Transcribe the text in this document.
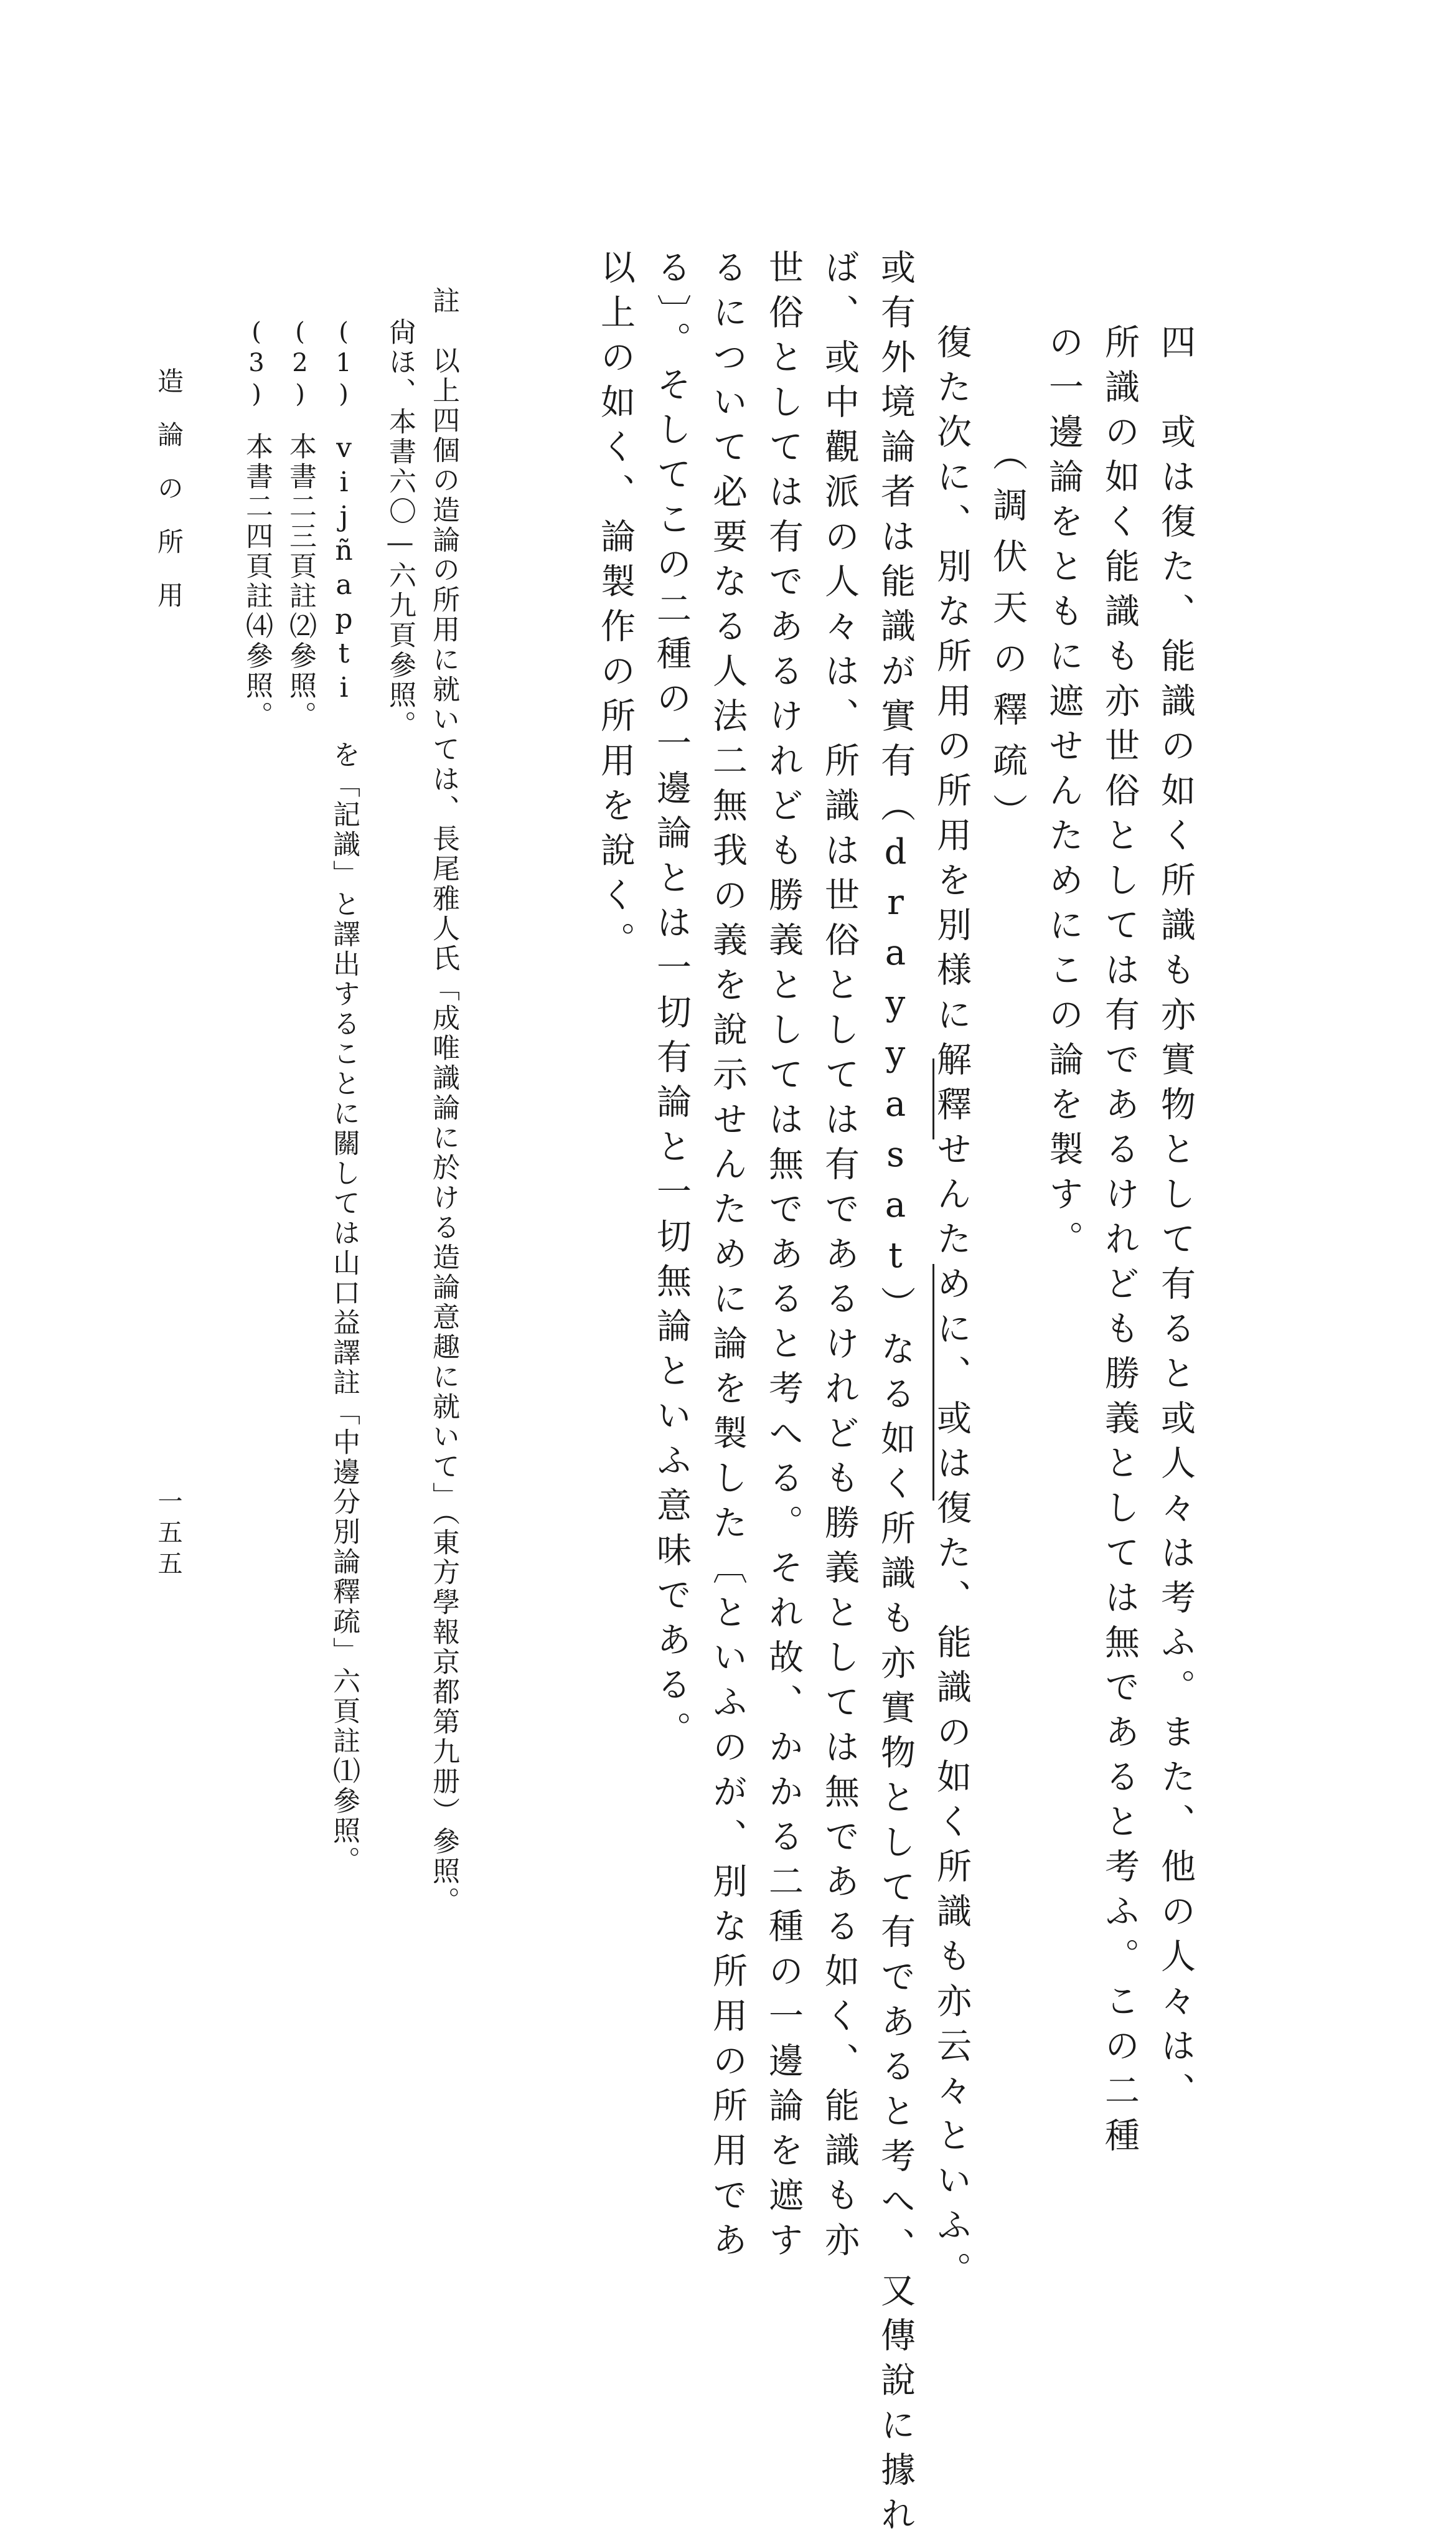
四　或は復た、能識の如く所識も亦實物として有ると或人々は考ふ。また、他の人々は、
所識の如く能識も亦世俗としては有であるけれども勝義としては無であると考ふ。この二種
の一邊論をともに遮せんためにこの論を製す。
（調伏天の釋疏）
復た次に、別な所用の所用を別様に解釋せんために、或は復た、能識の如く所識も亦云々といふ。
或有外境論者は能識が實有（drayyasat）なる如く所識も亦實物として有であると考へ、又傳說に據れ
ば、或中觀派の人々は、所識は世俗としては有であるけれども勝義としては無である如く、能識も亦
世俗としては有であるけれども勝義としては無であると考へる。それ故、かかる二種の一邊論を遮す
るについて必要なる人法二無我の義を說示せんために論を製した〔といふのが、別な所用の所用であ
る〕。そしてこの二種の一邊論とは一切有論と一切無論といふ意味である。
以上の如く、論製作の所用を說く。
註　以上四個の造論の所用に就いては、長尾雅人氏「成唯識論に於ける造論意趣に就いて」（東方學報京都第九册）參照。
尙ほ、本書六〇—六九頁參照。
(1)vijñapti を「記識」と譯出することに關しては山口益譯註「中邊分別論釋疏」六頁註⑴參照。
(2)本書二三頁註⑵參照。
(3)本書二四頁註⑷參照。
造論の所用
一五五
